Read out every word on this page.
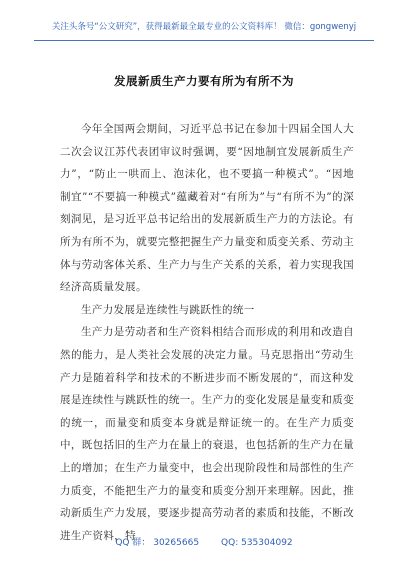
关注头条号“公文研究”，获得最新最全最专业的公文资料库！ 微信：gongwenyj
发展新质生产力要有所为有所不为

今年全国两会期间，习近平总书记在参加十四届全国人大二次会议江苏代表团审议时强调，要“因地制宜发展新质生产力”，“防止一哄而上、泡沫化，也不要搞一种模式”。“因地制宜”“不要搞一种模式”蕴藏着对“有所为”与“有所不为”的深刻洞见，是习近平总书记给出的发展新质生产力的方法论。有所为有所不为，就要完整把握生产力量变和质变关系、劳动主体与劳动客体关系、生产力与生产关系的关系，着力实现我国经济高质量发展。

生产力发展是连续性与跳跃性的统一

生产力是劳动者和生产资料相结合而形成的利用和改造自然的能力，是人类社会发展的决定力量。马克思指出“劳动生产力是随着科学和技术的不断进步而不断发展的”，而这种发展是连续性与跳跃性的统一。生产力的变化发展是量变和质变的统一，而量变和质变本身就是辩证统一的。在生产力质变中，既包括旧的生产力在量上的衰退，也包括新的生产力在量上的增加；在生产力量变中，也会出现阶段性和局部性的生产力质变，不能把生产力的量变和质变分割开来理解。因此，推动新质生产力发展，要逐步提高劳动者的素质和技能，不断改进生产资料，特

QQ 群： 30265665 QQ: 535304092
